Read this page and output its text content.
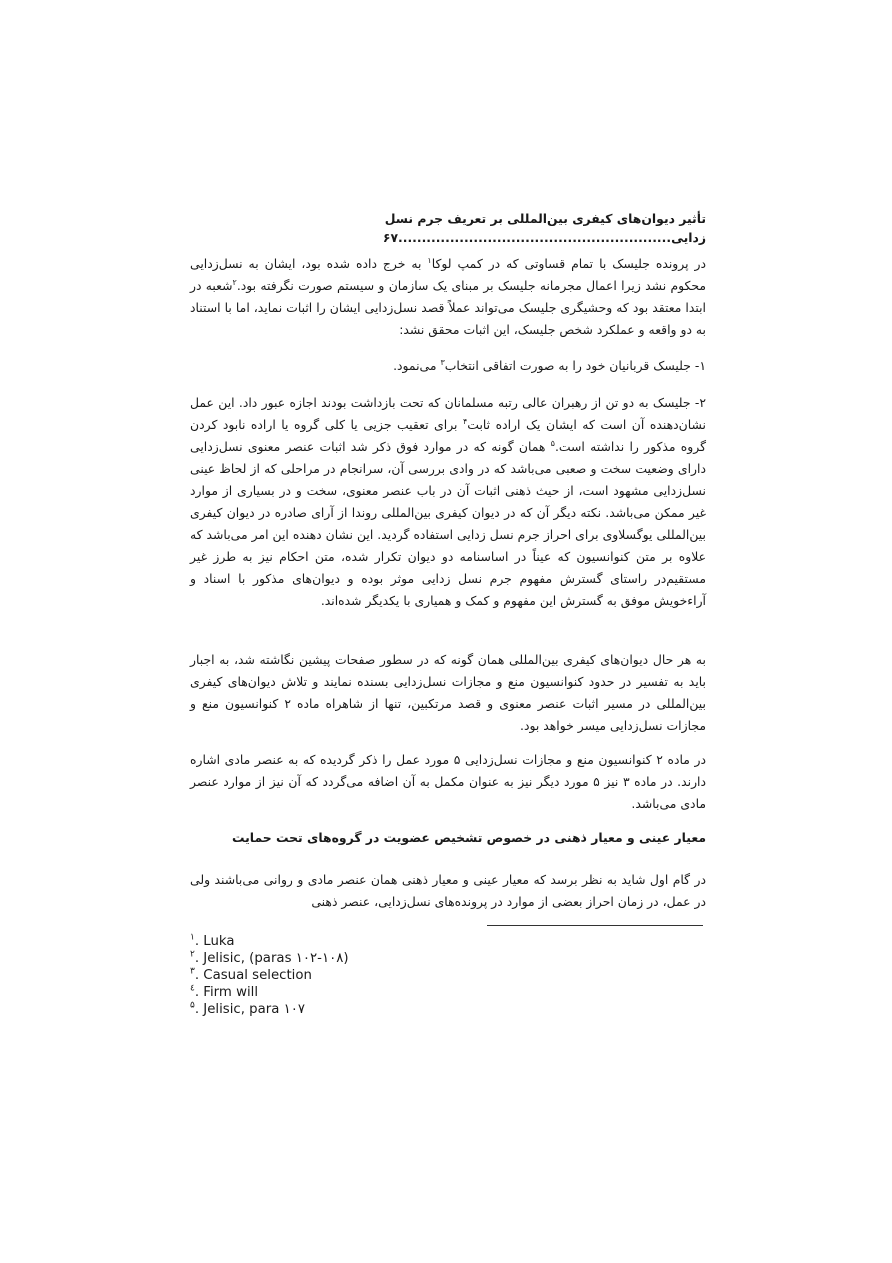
تأثیر دیوان‌های کیفری بین‌المللی بر تعریف جرم نسل
زدایی..........................................................۶۷

در پرونده جلیسک با تمام قساوتی که در کمپ لوکا$^۱$ به خرج داده شده بود، ایشان به نسل‌زدایی محکوم نشد زیرا اعمال مجرمانه جلیسک بر مبنای یک سازمان و سیستم صورت نگرفته بود.$^۲$شعبه در ابتدا معتقد بود که وحشیگری جلیسک می‌تواند عملاً قصد نسل‌زدایی ایشان را اثبات نماید، اما با استناد به دو واقعه و عملکرد شخص جلیسک، این اثبات محقق نشد:

۱- جلیسک قربانیان خود را به صورت اتفاقی انتخاب$^۳$ می‌نمود.

۲- جلیسک به دو تن از رهبران عالی رتبه مسلمانان که تحت بازداشت بودند اجازه عبور داد. این عمل نشان‌دهنده آن است که ایشان یک اراده ثابت$^۴$ برای تعقیب جزیی یا کلی گروه یا اراده نابود کردن گروه مذکور را نداشته است.$^۵$ همان گونه که در موارد فوق ذکر شد اثبات عنصر معنوی نسل‌زدایی دارای وضعیت سخت و صعبی می‌باشد که در وادی بررسی آن، سرانجام در مراحلی که از لحاظ عینی نسل‌زدایی مشهود است، از حیث ذهنی اثبات آن در باب عنصر معنوی، سخت و در بسیاری از موارد غیر ممکن می‌باشد. نکته دیگر آن که در دیوان کیفری بین‌المللی روندا از آرای صادره در دیوان کیفری بین‌المللی یوگسلاوی برای احراز جرم نسل زدایی استفاده گردید. این نشان دهنده این امر می‌باشد که علاوه بر متن کنوانسیون که عیناً در اساسنامه دو دیوان تکرار شده، متن احکام نیز به طرز غیر مستقیم‌در راستای گسترش مفهوم جرم نسل زدایی موثر بوده و دیوان‌های مذکور با اسناد و آراءخویش موفق به گسترش این مفهوم و کمک و همیاری با یکدیگر شده‌اند.

به هر حال دیوان‌های کیفری بین‌المللی همان گونه که در سطور صفحات پیشین نگاشته شد، به اجبار باید به تفسیر در حدود کنوانسیون منع و مجازات نسل‌زدایی بسنده نمایند و تلاش دیوان‌های کیفری بین‌المللی در مسیر اثبات عنصر معنوی و قصد مرتکبین، تنها از شاهراه ماده ۲ کنوانسیون منع و مجازات نسل‌زدایی میسر خواهد بود.

در ماده ۲ کنوانسیون منع و مجازات نسل‌زدایی ۵ مورد عمل را ذکر گردیده که به عنصر مادی اشاره دارند. در ماده ۳ نیز ۵ مورد دیگر نیز به عنوان مکمل به آن اضافه می‌گردد که آن نیز از موارد عنصر مادی می‌باشد.

معیار عینی و معیار ذهنی در خصوص تشخیص عضویت در گروه‌های تحت حمایت

در گام اول شاید به نظر برسد که معیار عینی و معیار ذهنی همان عنصر مادی و روانی می‌باشند ولی در عمل، در زمان احراز بعضی از موارد در پرونده‌های نسل‌زدایی، عنصر ذهنی

$^۱$. Luka
$^۲$. Jelisic, (paras ۱۰۲-۱۰۸)
$^۳$. Casual selection
$^٤$. Firm will
$^۵$. Jelisic, para ۱۰۷
